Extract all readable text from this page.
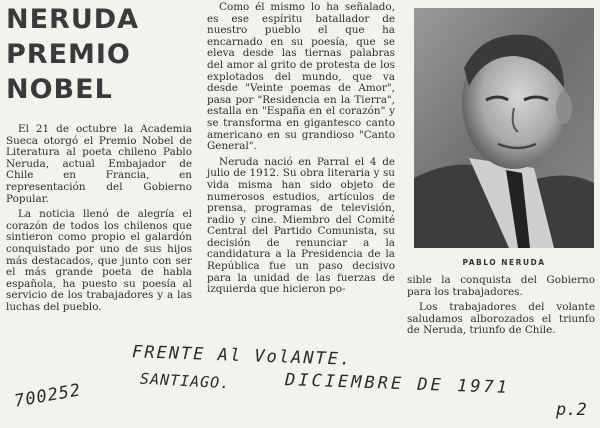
NERUDA
PREMIO
NOBEL

El 21 de octubre la Academia Sueca otorgó el Premio Nobel de Literatura al poeta chileno Pablo Neruda, actual Embajador de Chile en Francia, en representación del Gobierno Popular.

La noticia llenó de alegría el corazón de todos los chilenos que sintieron como propio el galardón conquistado por uno de sus hijos más destacados, que junto con ser el más grande poeta de habla española, ha puesto su poesía al servicio de los trabajadores y a las luchas del pueblo.

Como él mismo lo ha señalado, es ese espíritu batallador de nuestro pueblo el que ha encarnado en su poesía, que se eleva desde las tiernas palabras del amor al grito de protesta de los explotados del mundo, que va desde "Veinte poemas de Amor", pasa por "Residencia en la Tierra", estalla en "España en el corazón" y se transforma en gigantesco canto americano en su grandioso "Canto General".

Neruda nació en Parral el 4 de julio de 1912. Su obra literaria y su vida misma han sido objeto de numerosos estudios, artículos de prensa, programas de televisión, radio y cine. Miembro del Comité Central del Partido Comunista, su decisión de renunciar a la candidatura a la Presidencia de la República fue un paso decisivo para la unidad de las fuerzas de izquierda que hicieron po-

PABLO NERUDA

sible la conquista del Gobierno para los trabajadores.

Los trabajadores del volante saludamos alborozados el triunfo de Neruda, triunfo de Chile.

FRENTE Al VolANTE.
SANTIAGO.	DICIEMBRE DE 1971
700252	p.2
